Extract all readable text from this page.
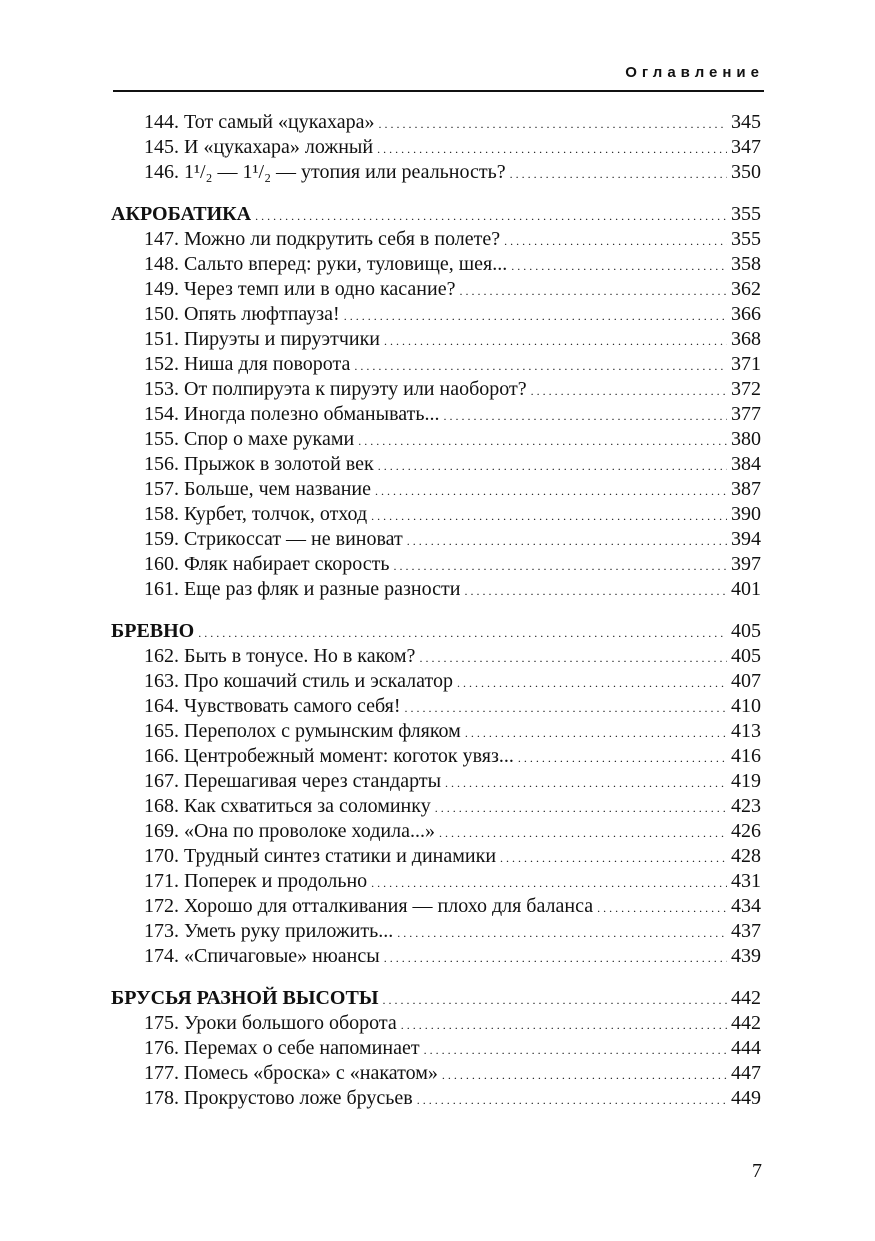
Оглавление
144. Тот самый «цукахара» . . .	345
145. И «цукахара» ложный . . .	347
146. 1¹/₂ — 1¹/₂ — утопия или реальность? . . .	350
АКРОБАТИКА . . .	355
147. Можно ли подкрутить себя в полете? . . .	355
148. Сальто вперед: руки, туловище, шея... . . .	358
149. Через темп или в одно касание? . . .	362
150. Опять люфтпауза! . . .	366
151. Пируэты и пируэтчики . . .	368
152. Ниша для поворота . . .	371
153. От полпируэта к пируэту или наоборот? . . .	372
154. Иногда полезно обманывать... . . .	377
155. Спор о махе руками . . .	380
156. Прыжок в золотой век . . .	384
157. Больше, чем название . . .	387
158. Курбет, толчок, отход . . .	390
159. Стрикоссат — не виноват . . .	394
160. Фляк набирает скорость . . .	397
161. Еще раз фляк и разные разности . . .	401
БРЕВНО . . .	405
162. Быть в тонусе. Но в каком? . . .	405
163. Про кошачий стиль и эскалатор . . .	407
164. Чувствовать самого себя! . . .	410
165. Переполох с румынским фляком . . .	413
166. Центробежный момент: коготок увяз... . . .	416
167. Перешагивая через стандарты . . .	419
168. Как схватиться за соломинку . . .	423
169. «Она по проволоке ходила...» . . .	426
170. Трудный синтез статики и динамики . . .	428
171. Поперек и продольно . . .	431
172. Хорошо для отталкивания — плохо для баланса . . .	434
173. Уметь руку приложить... . . .	437
174. «Спичаговые» нюансы . . .	439
БРУСЬЯ РАЗНОЙ ВЫСОТЫ . . .	442
175. Уроки большого оборота . . .	442
176. Перемах о себе напоминает . . .	444
177. Помесь «броска» с «накатом» . . .	447
178. Прокрустово ложе брусьев . . .	449
7
